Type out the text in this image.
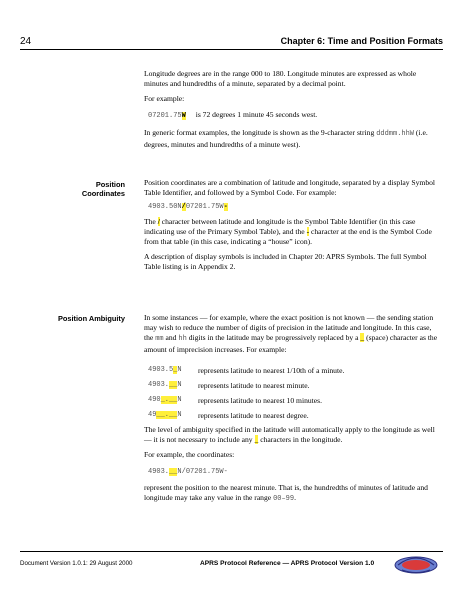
24	Chapter 6: Time and Position Formats

Longitude degrees are in the range 000 to 180. Longitude minutes are expressed as whole minutes and hundredths of a minute, separated by a decimal point.

For example:

07201.75W is 72 degrees 1 minute 45 seconds west.

In generic format examples, the longitude is shown as the 9-character string dddmm.hhW (i.e. degrees, minutes and hundredths of a minute west).

Position
Coordinates

Position coordinates are a combination of latitude and longitude, separated by a display Symbol Table Identifier, and followed by a Symbol Code. For example:

4903.50N/07201.75W-

The / character between latitude and longitude is the Symbol Table Identifier (in this case indicating use of the Primary Symbol Table), and the - character at the end is the Symbol Code from that table (in this case, indicating a “house” icon).

A description of display symbols is included in Chapter 20: APRS Symbols. The full Symbol Table listing is in Appendix 2.

Position Ambiguity	In some instances — for example, where the exact position is not known — the sending station may wish to reduce the number of digits of precision in the latitude and longitude. In this case, the mm and hh digits in the latitude may be progressively replaced by a _ (space) character as the amount of imprecision increases. For example:

4903.5_N represents latitude to nearest 1/10th of a minute.
4903.__N represents latitude to nearest minute.
490_.__N represents latitude to nearest 10 minutes.
49__.__N represents latitude to nearest degree.

The level of ambiguity specified in the latitude will automatically apply to the longitude as well — it is not necessary to include any _ characters in the longitude.

For example, the coordinates:

4903.__N/07201.75W-

represent the position to the nearest minute. That is, the hundredths of minutes of latitude and longitude may take any value in the range 00–99.

Document Version 1.0.1: 29 August 2000	APRS Protocol Reference — APRS Protocol Version 1.0
